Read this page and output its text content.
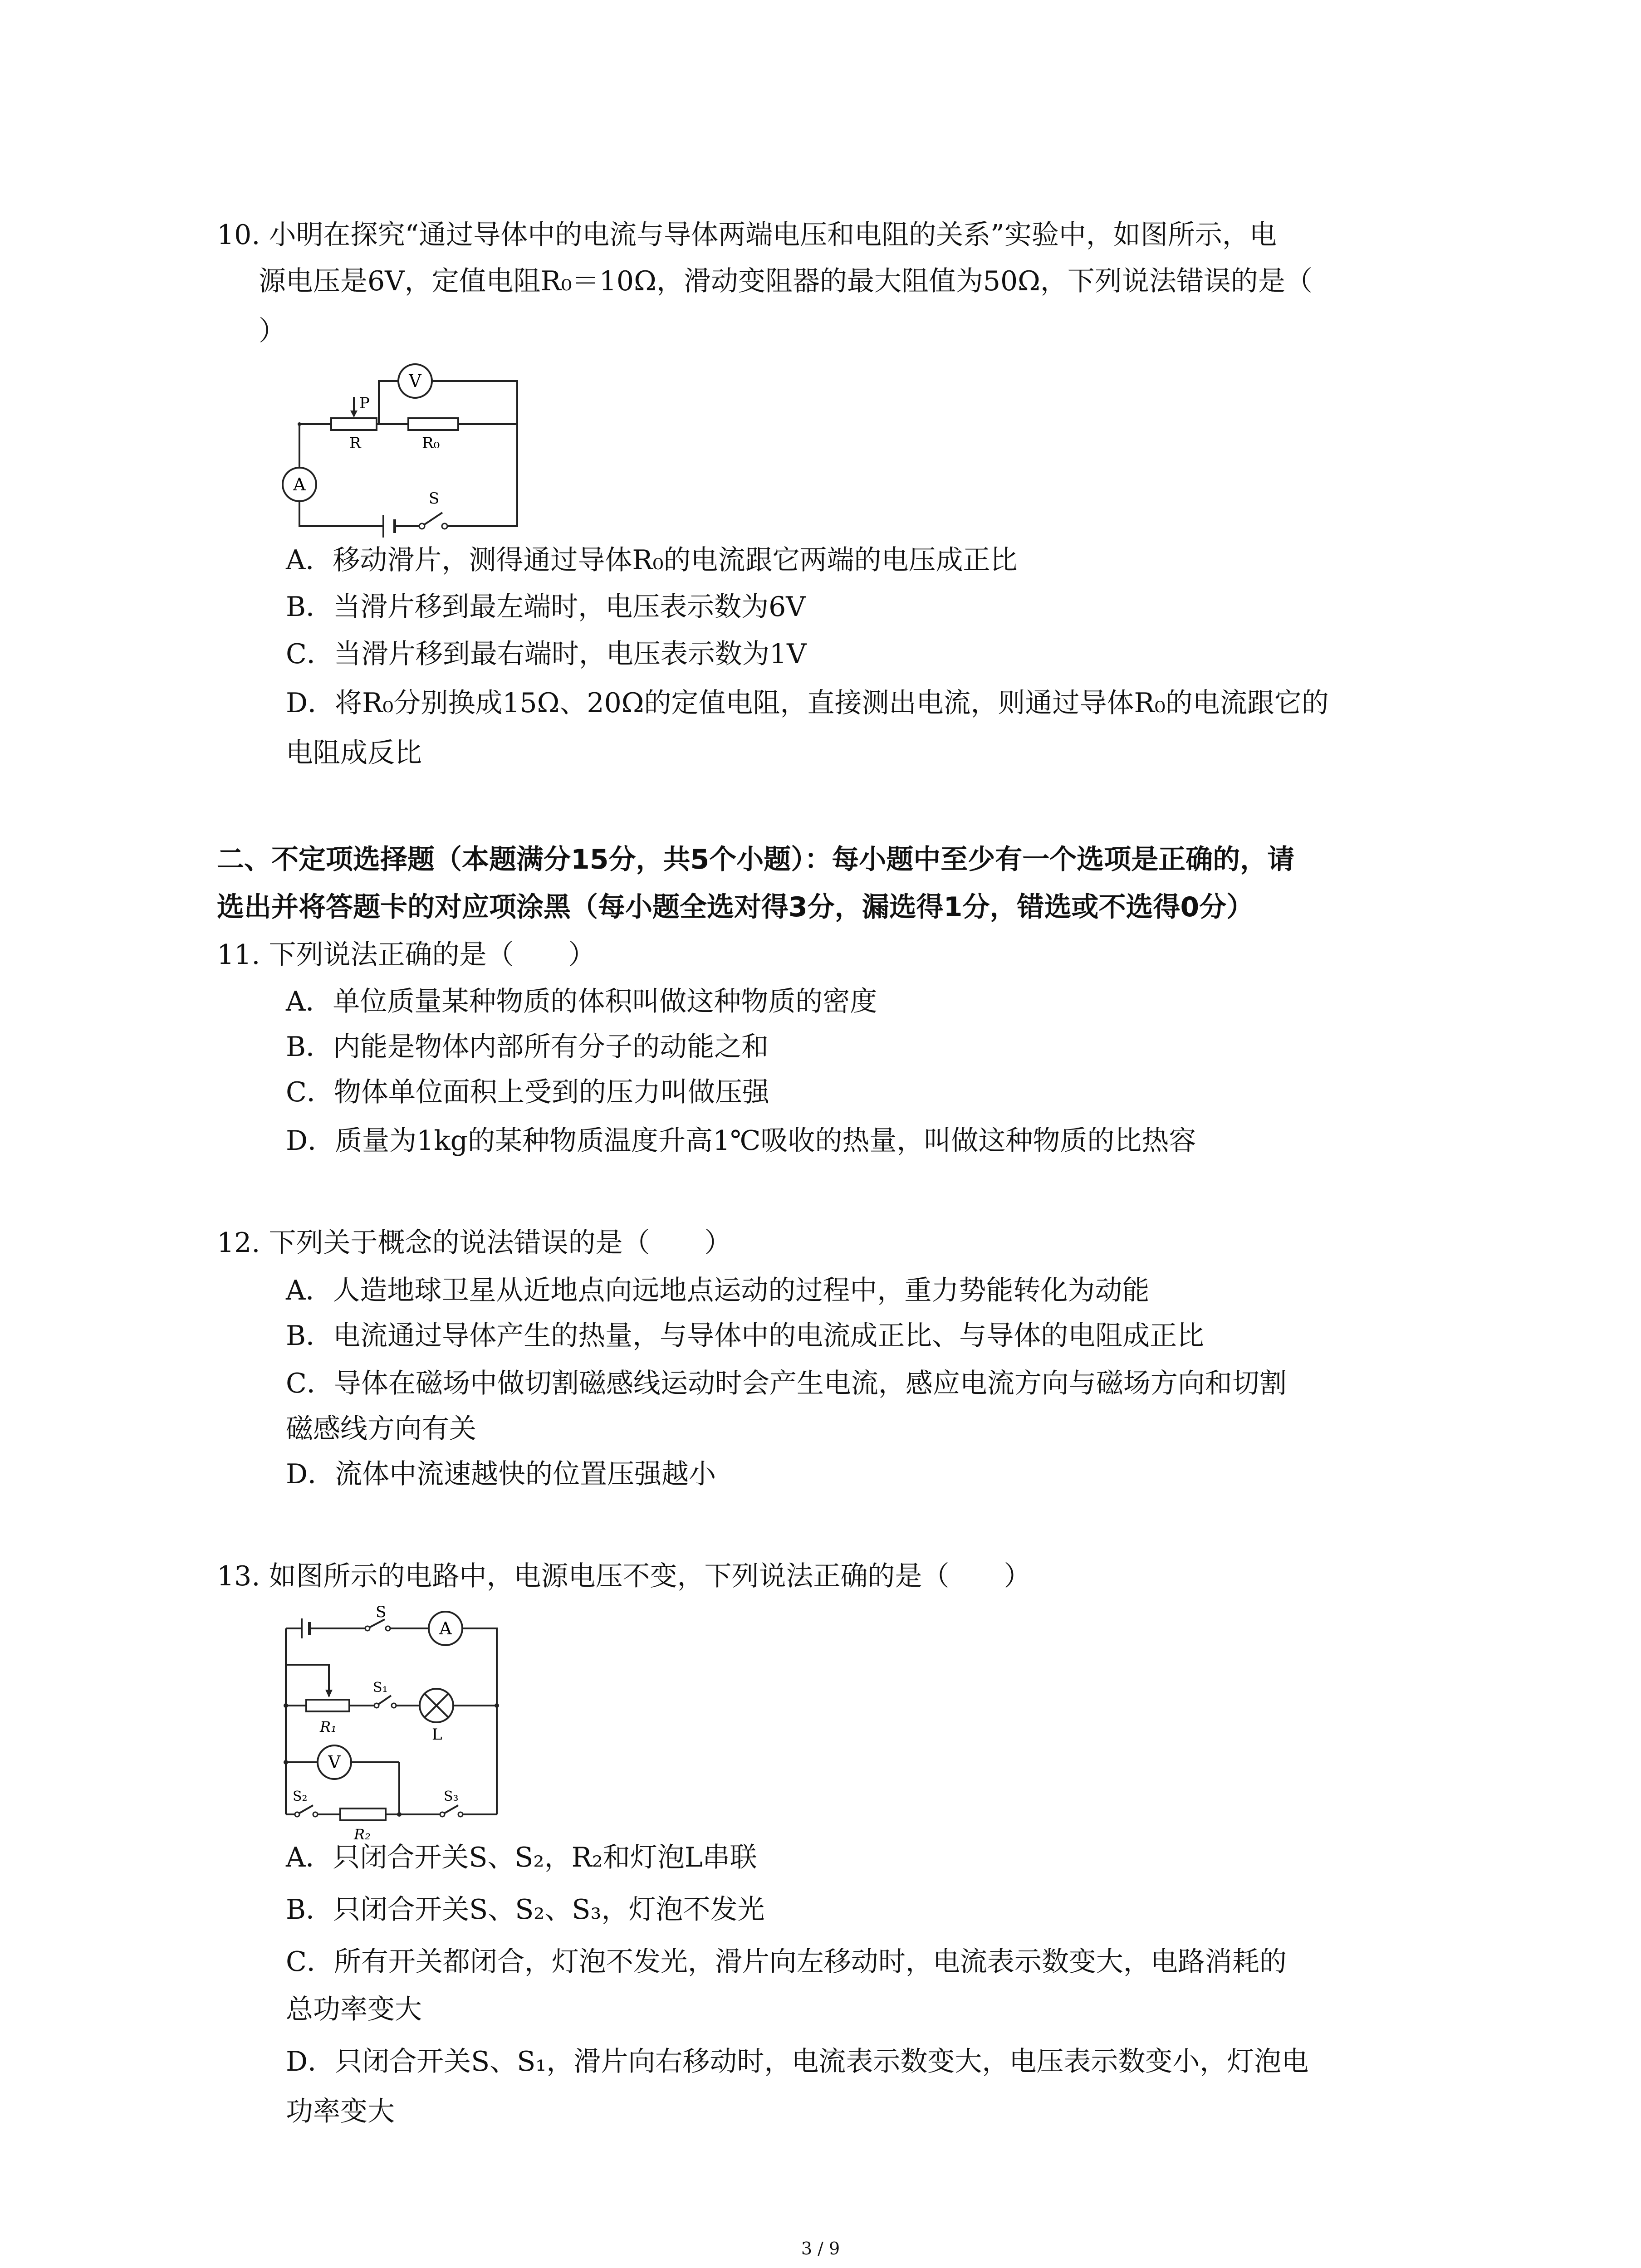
10. 小明在探究“通过导体中的电流与导体两端电压和电阻的关系”实验中，如图所示，电
源电压是6V，定值电阻R₀＝10Ω，滑动变阻器的最大阻值为50Ω，下列说法错误的是（
）
V
P
R	R₀
A
S
A．移动滑片，测得通过导体R₀的电流跟它两端的电压成正比
B．当滑片移到最左端时，电压表示数为6V
C．当滑片移到最右端时，电压表示数为1V
D．将R₀分别换成15Ω、20Ω的定值电阻，直接测出电流，则通过导体R₀的电流跟它的
电阻成反比
二、不定项选择题（本题满分15分，共5个小题）：每小题中至少有一个选项是正确的，请
选出并将答题卡的对应项涂黑（每小题全选对得3分，漏选得1分，错选或不选得0分）
11. 下列说法正确的是（　　）
A．单位质量某种物质的体积叫做这种物质的密度
B．内能是物体内部所有分子的动能之和
C．物体单位面积上受到的压力叫做压强
D．质量为1kg的某种物质温度升高1℃吸收的热量，叫做这种物质的比热容
12. 下列关于概念的说法错误的是（　　）
A．人造地球卫星从近地点向远地点运动的过程中，重力势能转化为动能
B．电流通过导体产生的热量，与导体中的电流成正比、与导体的电阻成正比
C．导体在磁场中做切割磁感线运动时会产生电流，感应电流方向与磁场方向和切割
磁感线方向有关
D．流体中流速越快的位置压强越小
13. 如图所示的电路中，电源电压不变，下列说法正确的是（　　）
S
A
S₁
R₁	L
V
S₂
R₂
S₃
A．只闭合开关S、S₂，R₂和灯泡L串联
B．只闭合开关S、S₂、S₃，灯泡不发光
C．所有开关都闭合，灯泡不发光，滑片向左移动时，电流表示数变大，电路消耗的
总功率变大
D．只闭合开关S、S₁，滑片向右移动时，电流表示数变大，电压表示数变小，灯泡电
功率变大
3 / 9
